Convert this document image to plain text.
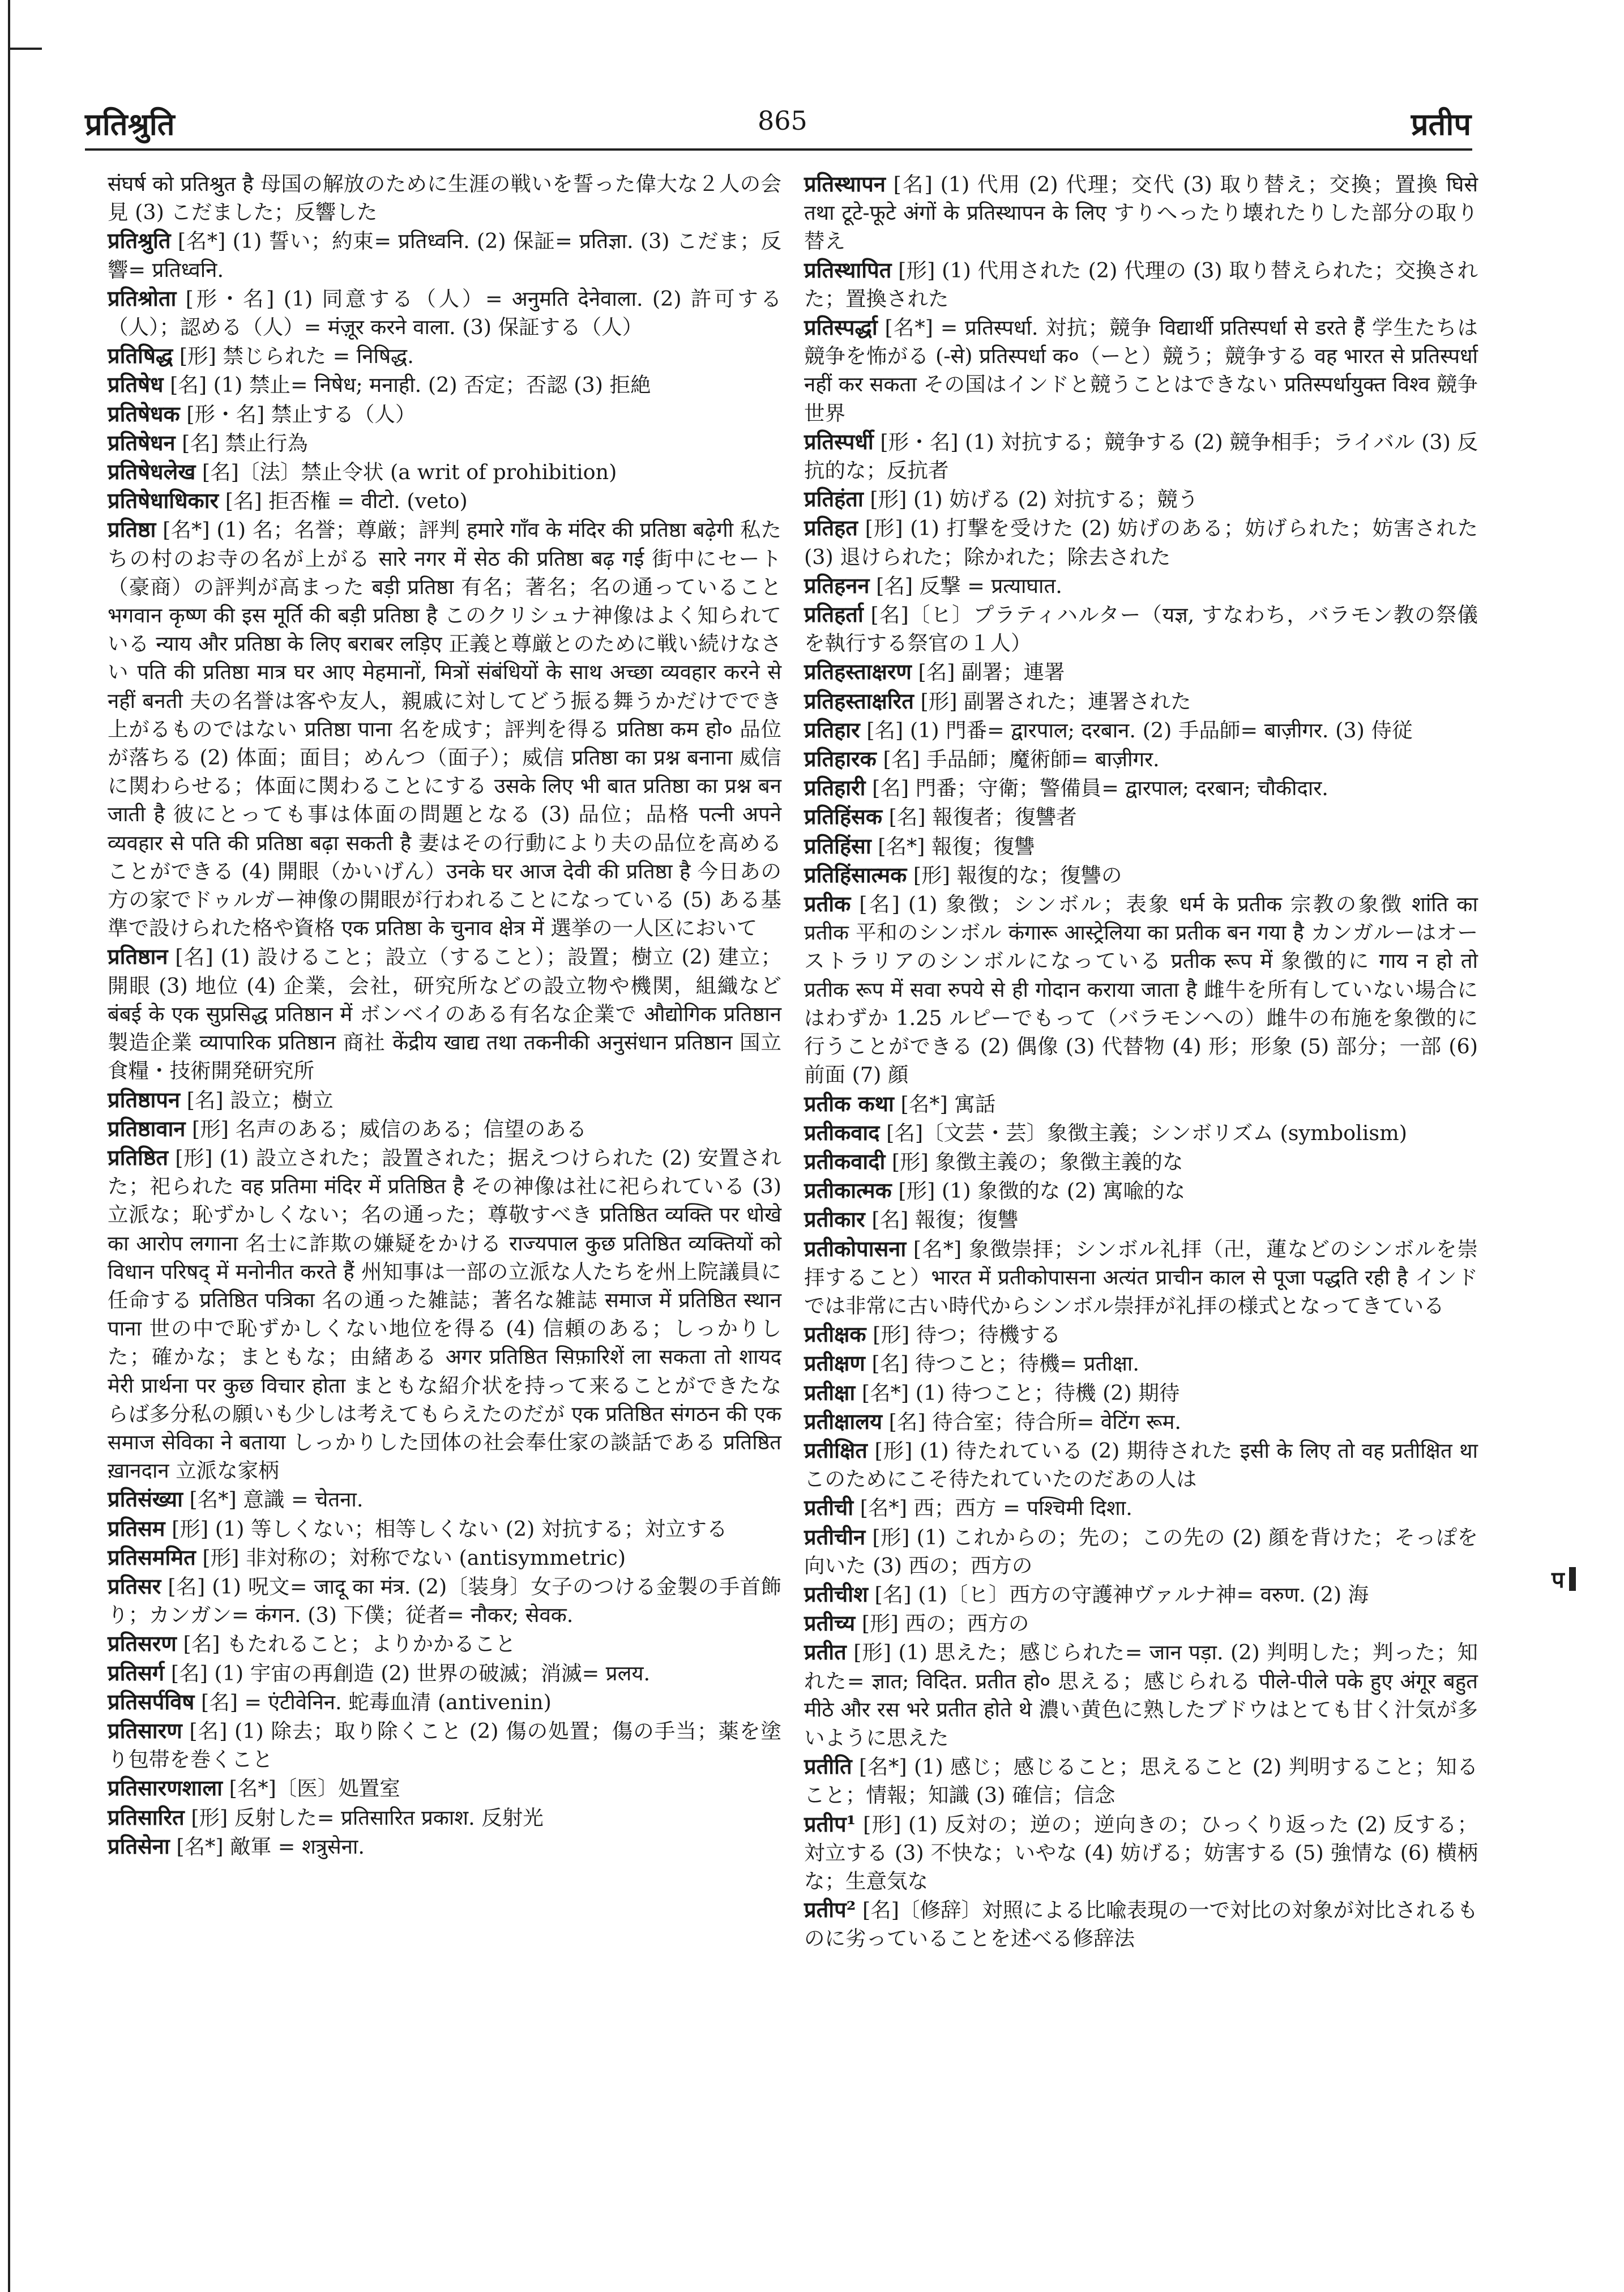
प्रतिश्रुति	865	प्रतीप

संघर्ष को प्रतिश्रुत है 母国の解放のために生涯の戦いを誓った偉大な２人の会見 (3) こだました；反響した

प्रतिश्रुति [名*] (1) 誓い；約束= प्रतिध्वनि. (2) 保証= प्रतिज्ञा. (3) こだま；反響= प्रतिध्वनि.

प्रतिश्रोता [形・名] (1) 同意する（人）= अनुमति देनेवाला. (2) 許可する（人）；認める（人）= मंज़ूर करने वाला. (3) 保証する（人）

प्रतिषिद्ध [形] 禁じられた = निषिद्ध.

प्रतिषेध [名] (1) 禁止= निषेध; मनाही. (2) 否定；否認 (3) 拒絶

प्रतिषेधक [形・名] 禁止する（人）

प्रतिषेधन [名] 禁止行為

प्रतिषेधलेख [名]〔法〕禁止令状 (a writ of prohibition)

प्रतिषेधाधिकार [名] 拒否権 = वीटो. (veto)

प्रतिष्ठा [名*] (1) 名；名誉；尊厳；評判 हमारे गाँव के मंदिर की प्रतिष्ठा बढ़ेगी 私たちの村のお寺の名が上がる सारे नगर में सेठ की प्रतिष्ठा बढ़ गई 街中にセート（豪商）の評判が高まった बड़ी प्रतिष्ठा 有名；著名；名の通っていること भगवान कृष्ण की इस मूर्ति की बड़ी प्रतिष्ठा है このクリシュナ神像はよく知られている न्याय और प्रतिष्ठा के लिए बराबर लड़िए 正義と尊厳とのために戦い続けなさい पति की प्रतिष्ठा मात्र घर आए मेहमानों, मित्रों संबंधियों के साथ अच्छा व्यवहार करने से नहीं बनती 夫の名誉は客や友人，親戚に対してどう振る舞うかだけででき上がるものではない प्रतिष्ठा पाना 名を成す；評判を得る प्रतिष्ठा कम हो० 品位が落ちる (2) 体面；面目；めんつ（面子）；威信 प्रतिष्ठा का प्रश्न बनाना 威信に関わらせる；体面に関わることにする उसके लिए भी बात प्रतिष्ठा का प्रश्न बन जाती है 彼にとっても事は体面の問題となる (3) 品位；品格 पत्नी अपने व्यवहार से पति की प्रतिष्ठा बढ़ा सकती है 妻はその行動により夫の品位を高めることができる (4) 開眼（かいげん）उनके घर आज देवी की प्रतिष्ठा है 今日あの方の家でドゥルガー神像の開眼が行われることになっている (5) ある基準で設けられた格や資格 एक प्रतिष्ठा के चुनाव क्षेत्र में 選挙の一人区において

प्रतिष्ठान [名] (1) 設けること；設立（すること）；設置；樹立 (2) 建立；開眼 (3) 地位 (4) 企業，会社，研究所などの設立物や機関，組織など बंबई के एक सुप्रसिद्ध प्रतिष्ठान में ボンベイのある有名な企業で औद्योगिक प्रतिष्ठान 製造企業 व्यापारिक प्रतिष्ठान 商社 केंद्रीय खाद्य तथा तकनीकी अनुसंधान प्रतिष्ठान 国立食糧・技術開発研究所

प्रतिष्ठापन [名] 設立；樹立

प्रतिष्ठावान [形] 名声のある；威信のある；信望のある

प्रतिष्ठित [形] (1) 設立された；設置された；据えつけられた (2) 安置された；祀られた वह प्रतिमा मंदिर में प्रतिष्ठित है その神像は社に祀られている (3) 立派な；恥ずかしくない；名の通った；尊敬すべき प्रतिष्ठित व्यक्ति पर धोखे का आरोप लगाना 名士に詐欺の嫌疑をかける राज्यपाल कुछ प्रतिष्ठित व्यक्तियों को विधान परिषद् में मनोनीत करते हैं 州知事は一部の立派な人たちを州上院議員に任命する प्रतिष्ठित पत्रिका 名の通った雑誌；著名な雑誌 समाज में प्रतिष्ठित स्थान पाना 世の中で恥ずかしくない地位を得る (4) 信頼のある；しっかりした；確かな；まともな；由緒ある अगर प्रतिष्ठित सिफ़ारिशें ला सकता तो शायद मेरी प्रार्थना पर कुछ विचार होता まともな紹介状を持って来ることができたならば多分私の願いも少しは考えてもらえたのだが एक प्रतिष्ठित संगठन की एक समाज सेविका ने बताया しっかりした団体の社会奉仕家の談話である प्रतिष्ठित ख़ानदान 立派な家柄

प्रतिसंख्या [名*] 意識 = चेतना.

प्रतिसम [形] (1) 等しくない；相等しくない (2) 対抗する；対立する

प्रतिसममित [形] 非対称の；対称でない (antisymmetric)

प्रतिसर [名] (1) 呪文= जादू का मंत्र. (2)〔装身〕女子のつける金製の手首飾り；カンガン= कंगन. (3) 下僕；従者= नौकर; सेवक.

प्रतिसरण [名] もたれること；よりかかること

प्रतिसर्ग [名] (1) 宇宙の再創造 (2) 世界の破滅；消滅= प्रलय.

प्रतिसर्पविष [名] = एंटीवेनिन. 蛇毒血清 (antivenin)

प्रतिसारण [名] (1) 除去；取り除くこと (2) 傷の処置；傷の手当；薬を塗り包帯を巻くこと

प्रतिसारणशाला [名*]〔医〕処置室

प्रतिसारित [形] 反射した= प्रतिसारित प्रकाश. 反射光

प्रतिसेना [名*] 敵軍 = शत्रुसेना.

प्रतिस्थापन [名] (1) 代用 (2) 代理；交代 (3) 取り替え；交換；置換 घिसे तथा टूटे-फूटे अंगों के प्रतिस्थापन के लिए すりへったり壊れたりした部分の取り替え

प्रतिस्थापित [形] (1) 代用された (2) 代理の (3) 取り替えられた；交換された；置換された

प्रतिस्पर्द्धा [名*] = प्रतिस्पर्धा. 対抗；競争 विद्यार्थी प्रतिस्पर्धा से डरते हैं 学生たちは競争を怖がる (-से) प्रतिस्पर्धा क०（ーと）競う；競争する वह भारत से प्रतिस्पर्धा नहीं कर सकता その国はインドと競うことはできない प्रतिस्पर्धायुक्त विश्व 競争世界

प्रतिस्पर्धी [形・名] (1) 対抗する；競争する (2) 競争相手；ライバル (3) 反抗的な；反抗者

प्रतिहंता [形] (1) 妨げる (2) 対抗する；競う

प्रतिहत [形] (1) 打撃を受けた (2) 妨げのある；妨げられた；妨害された (3) 退けられた；除かれた；除去された

प्रतिहनन [名] 反撃 = प्रत्याघात.

प्रतिहर्ता [名]〔ヒ〕プラティハルター（यज्ञ, すなわち，バラモン教の祭儀を執行する祭官の１人）

प्रतिहस्ताक्षरण [名] 副署；連署

प्रतिहस्ताक्षरित [形] 副署された；連署された

प्रतिहार [名] (1) 門番= द्वारपाल; दरबान. (2) 手品師= बाज़ीगर. (3) 侍従

प्रतिहारक [名] 手品師；魔術師= बाज़ीगर.

प्रतिहारी [名] 門番；守衛；警備員= द्वारपाल; दरबान; चौकीदार.

प्रतिहिंसक [名] 報復者；復讐者

प्रतिहिंसा [名*] 報復；復讐

प्रतिहिंसात्मक [形] 報復的な；復讐の

प्रतीक [名] (1) 象徴；シンボル；表象 धर्म के प्रतीक 宗教の象徴 शांति का प्रतीक 平和のシンボル कंगारू आस्ट्रेलिया का प्रतीक बन गया है カンガルーはオーストラリアのシンボルになっている प्रतीक रूप में 象徴的に गाय न हो तो प्रतीक रूप में सवा रुपये से ही गोदान कराया जाता है 雌牛を所有していない場合にはわずか 1.25 ルピーでもって（バラモンへの）雌牛の布施を象徴的に行うことができる (2) 偶像 (3) 代替物 (4) 形；形象 (5) 部分；一部 (6) 前面 (7) 顔

प्रतीक कथा [名*] 寓話

प्रतीकवाद [名]〔文芸・芸〕象徴主義；シンボリズム (symbolism)

प्रतीकवादी [形] 象徴主義の；象徴主義的な

प्रतीकात्मक [形] (1) 象徴的な (2) 寓喩的な

प्रतीकार [名] 報復；復讐

प्रतीकोपासना [名*] 象徴崇拝；シンボル礼拝（卍，蓮などのシンボルを崇拝すること）भारत में प्रतीकोपासना अत्यंत प्राचीन काल से पूजा पद्धति रही है インドでは非常に古い時代からシンボル崇拝が礼拝の様式となってきている

प्रतीक्षक [形] 待つ；待機する

प्रतीक्षण [名] 待つこと；待機= प्रतीक्षा.

प्रतीक्षा [名*] (1) 待つこと；待機 (2) 期待

प्रतीक्षालय [名] 待合室；待合所= वेटिंग रूम.

प्रतीक्षित [形] (1) 待たれている (2) 期待された इसी के लिए तो वह प्रतीक्षित था このためにこそ待たれていたのだあの人は

प्रतीची [名*] 西；西方 = पश्चिमी दिशा.

प्रतीचीन [形] (1) これからの；先の；この先の (2) 顔を背けた；そっぽを向いた (3) 西の；西方の

प्रतीचीश [名] (1)〔ヒ〕西方の守護神ヴァルナ神= वरुण. (2) 海

प्रतीच्य [形] 西の；西方の

प्रतीत [形] (1) 思えた；感じられた= जान पड़ा. (2) 判明した；判った；知れた= ज्ञात; विदित. प्रतीत हो० 思える；感じられる पीले-पीले पके हुए अंगूर बहुत मीठे और रस भरे प्रतीत होते थे 濃い黄色に熟したブドウはとても甘く汁気が多いように思えた

प्रतीति [名*] (1) 感じ；感じること；思えること (2) 判明すること；知ること；情報；知識 (3) 確信；信念

प्रतीप¹ [形] (1) 反対の；逆の；逆向きの；ひっくり返った (2) 反する；対立する (3) 不快な；いやな (4) 妨げる；妨害する (5) 強情な (6) 横柄な；生意気な

प्रतीप² [名]〔修辞〕対照による比喩表現の一で対比の対象が対比されるものに劣っていることを述べる修辞法

प
